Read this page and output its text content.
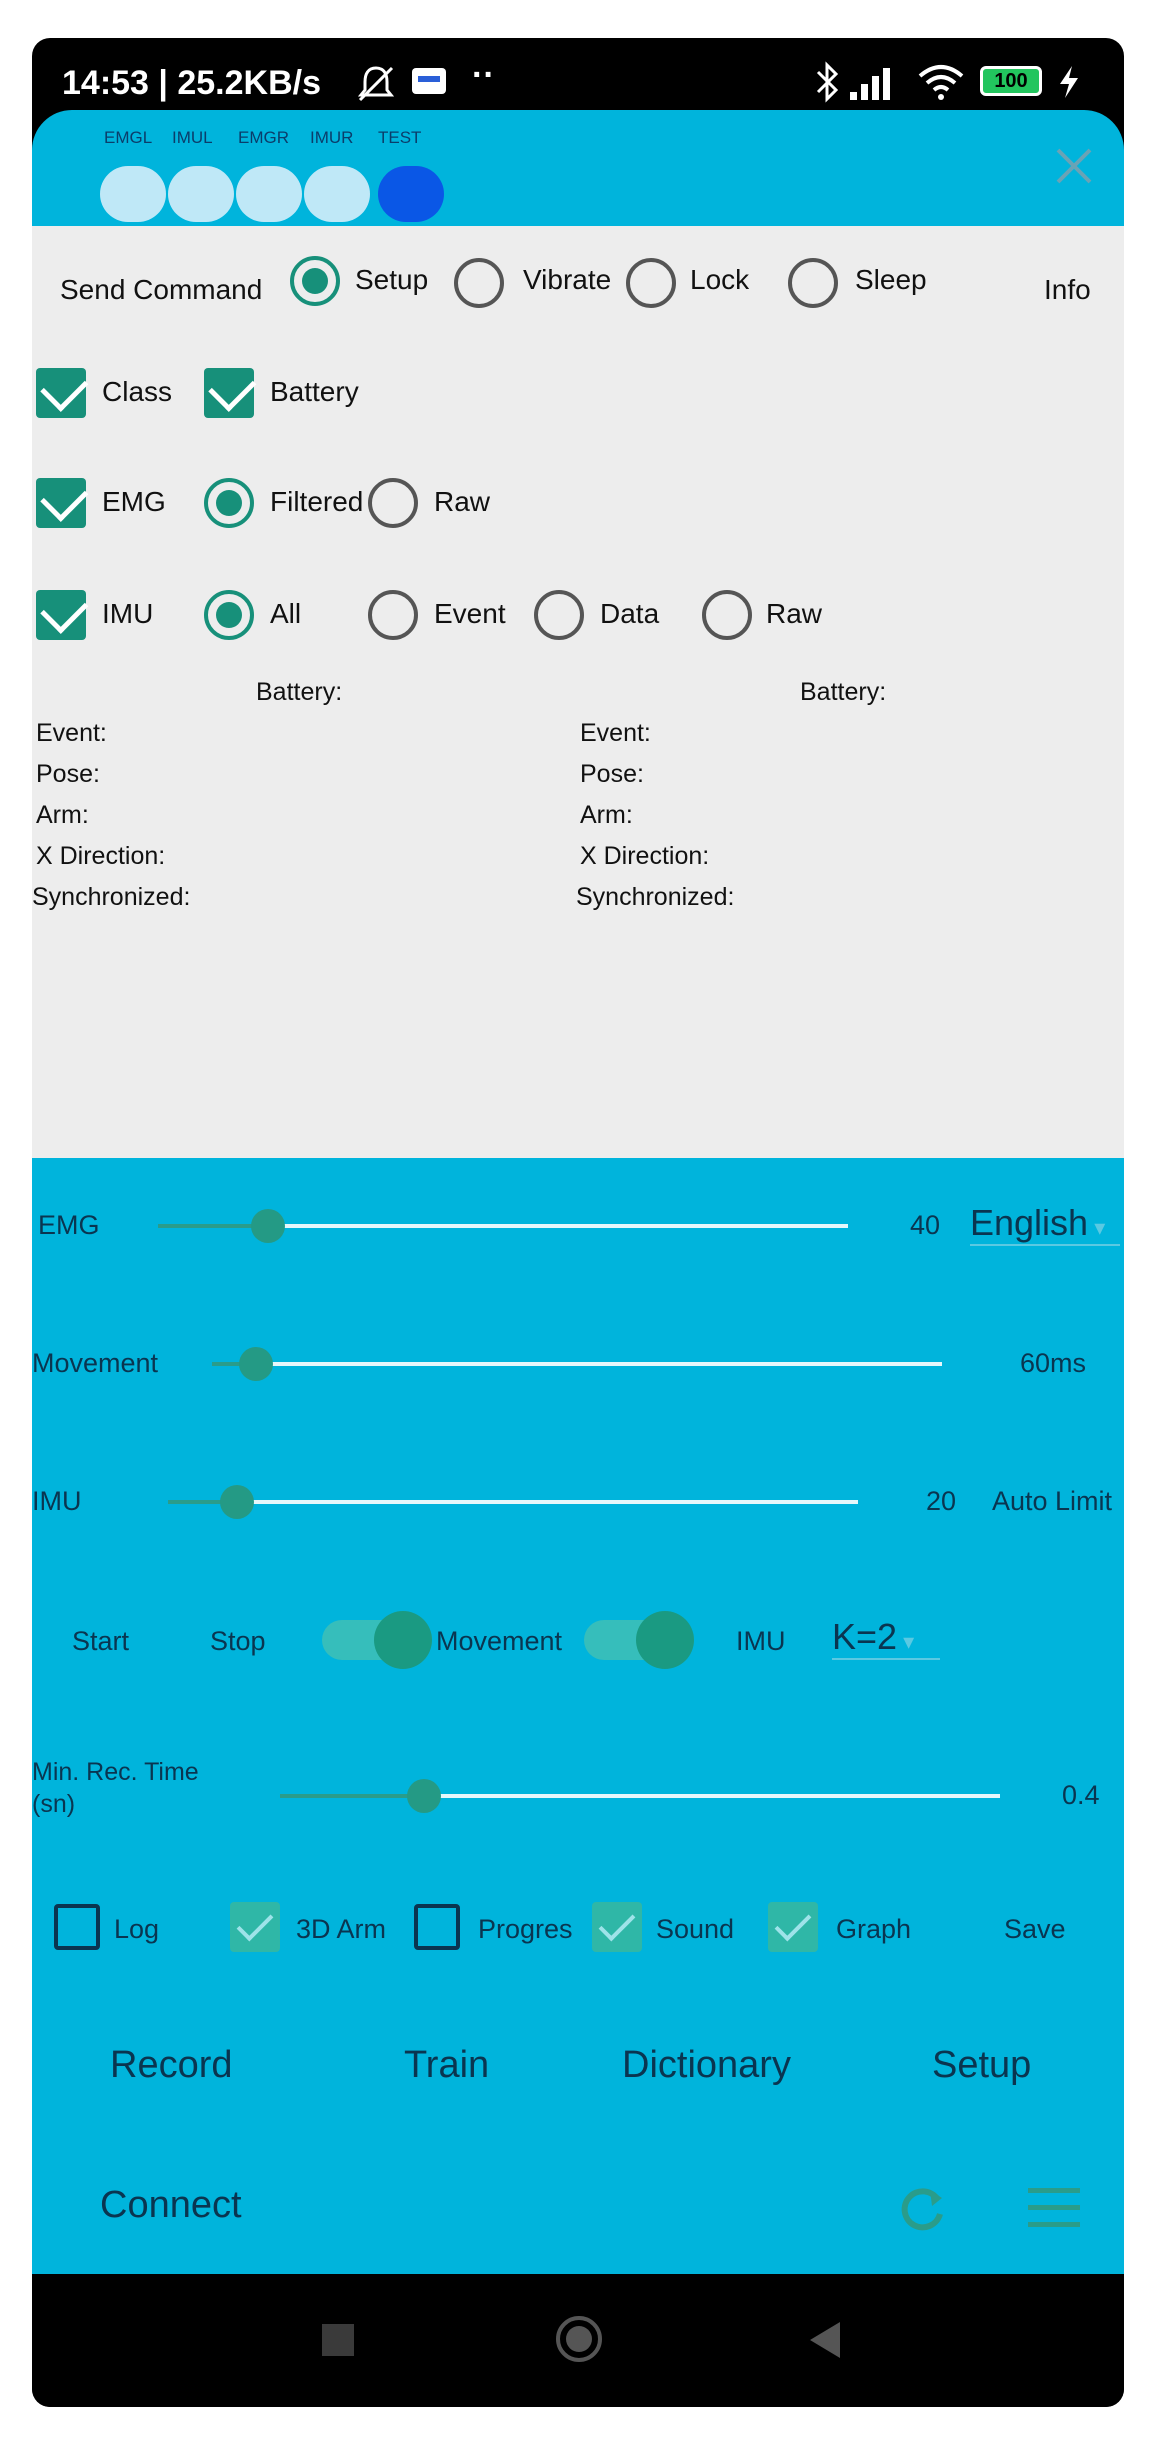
14:53 | 25.2KB/s	··	100
EMGL IMUL EMGR IMUR TEST
Send Command	Setup	Vibrate	Lock	Sleep	Info
Class	Battery
EMG	Filtered	Raw
IMU	All	Event	Data	Raw
Battery:
Event:
Pose:
Arm:
X Direction:
Synchronized:
Battery:
Event:
Pose:
Arm:
X Direction:
Synchronized:
EMG	40 English ▾
Movement	60ms
IMU	20 Auto Limit
Start	Stop	Movement	IMU K=2 ▾
Min. Rec. Time
(sn)	0.4
Log	3D Arm	Progres	Sound	Graph	Save
Record	Train	Dictionary	Setup
Connect
